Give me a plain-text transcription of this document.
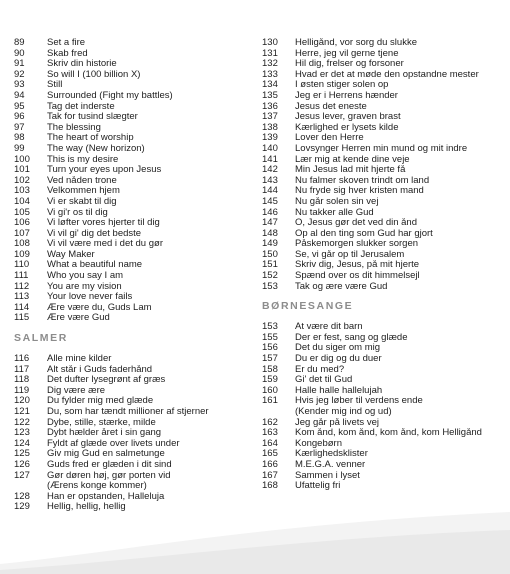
89	Set a fire
90	Skab fred
91	Skriv din historie
92	So will I (100 billion X)
93	Still
94	Surrounded (Fight my battles)
95	Tag det inderste
96	Tak for tusind slægter
97	The blessing
98	The heart of worship
99	The way (New horizon)
100	This is my desire
101	Turn your eyes upon Jesus
102	Ved nåden trone
103	Velkommen hjem
104	Vi er skabt til dig
105	Vi gi'r os til dig
106	Vi løfter vores hjerter til dig
107	Vi vil gi' dig det bedste
108	Vi vil være med i det du gør
109	Way Maker
110	What a beautiful name
111	Who you say I am
112	You are my vision
113	Your love never fails
114	Ære være du, Guds Lam
115	Ære være Gud
SALMER
116	Alle mine kilder
117	Alt står i Guds faderhånd
118	Det dufter lysegrønt af græs
119	Dig være ære
120	Du fylder mig med glæde
121	Du, som har tændt millioner af stjerner
122	Dybe, stille, stærke, milde
123	Dybt hælder året i sin gang
124	Fyldt af glæde over livets under
125	Giv mig Gud en salmetunge
126	Guds fred er glæden i dit sind
127	Gør døren høj, gør porten vid
(Ærens konge kommer)
128	Han er opstanden, Halleluja
129	Hellig, hellig, hellig
130	Helligånd, vor sorg du slukke
131	Herre, jeg vil gerne tjene
132	Hil dig, frelser og forsoner
133	Hvad er det at møde den opstandne mester
134	I østen stiger solen op
135	Jeg er i Herrens hænder
136	Jesus det eneste
137	Jesus lever, graven brast
138	Kærlighed er lysets kilde
139	Lover den Herre
140	Lovsynger Herren min mund og mit indre
141	Lær mig at kende dine veje
142	Min Jesus lad mit hjerte få
143	Nu falmer skoven trindt om land
144	Nu fryde sig hver kristen mand
145	Nu går solen sin vej
146	Nu takker alle Gud
147	O, Jesus gør det ved din ånd
148	Op al den ting som Gud har gjort
149	Påskemorgen slukker sorgen
150	Se, vi går op til Jerusalem
151	Skriv dig, Jesus, på mit hjerte
152	Spænd over os dit himmelsejl
153	Tak og ære være Gud
BØRNESANGE
153	At være dit barn
155	Der er fest, sang og glæde
156	Det du siger om mig
157	Du er dig og du duer
158	Er du med?
159	Gi' det til Gud
160	Halle halle hallelujah
161	Hvis jeg løber til verdens ende
(Kender mig ind og ud)
162	Jeg går på livets vej
163	Kom ånd, kom ånd, kom ånd, kom Helligånd
164	Kongebørn
165	Kærlighedsklister
166	M.E.G.A. venner
167	Sammen i lyset
168	Ufattelig fri
